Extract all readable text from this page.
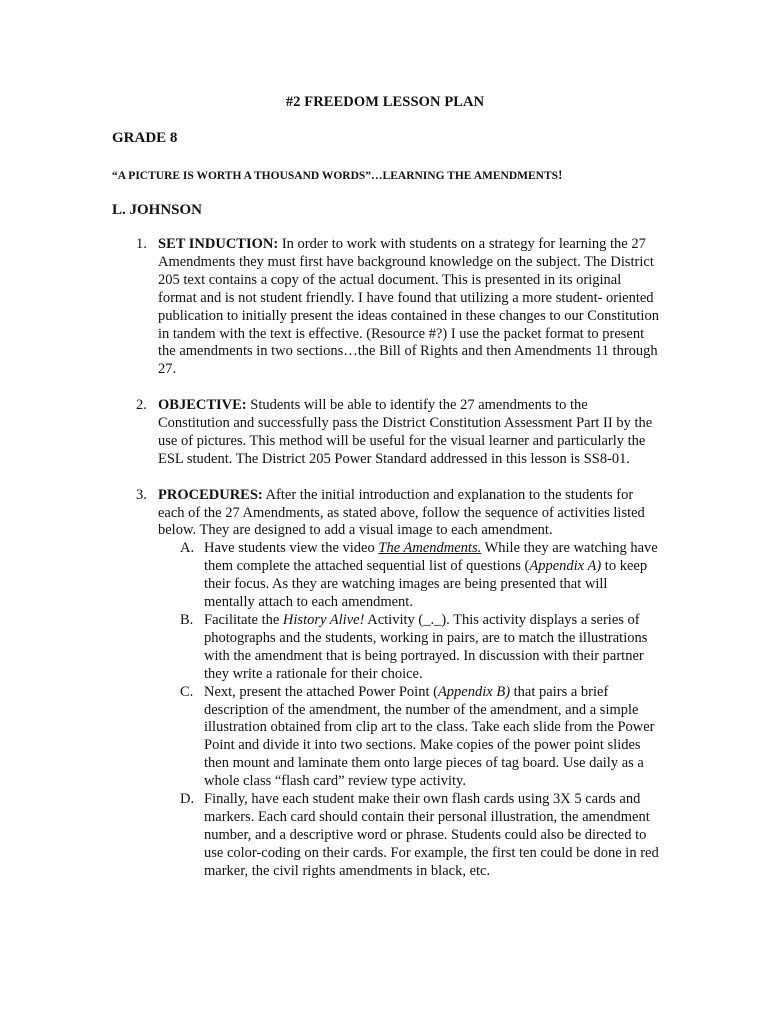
#2 FREEDOM LESSON PLAN
GRADE 8
“A PICTURE IS WORTH A THOUSAND WORDS”…LEARNING THE AMENDMENTS!
L. JOHNSON
1. SET INDUCTION: In order to work with students on a strategy for learning the 27 Amendments they must first have background knowledge on the subject. The District 205 text contains a copy of the actual document. This is presented in its original format and is not student friendly. I have found that utilizing a more student- oriented publication to initially present the ideas contained in these changes to our Constitution in tandem with the text is effective. (Resource #?) I use the packet format to present the amendments in two sections…the Bill of Rights and then Amendments 11 through 27.
2. OBJECTIVE: Students will be able to identify the 27 amendments to the Constitution and successfully pass the District Constitution Assessment Part II by the use of pictures. This method will be useful for the visual learner and particularly the ESL student. The District 205 Power Standard addressed in this lesson is SS8-01.
3. PROCEDURES: After the initial introduction and explanation to the students for each of the 27 Amendments, as stated above, follow the sequence of activities listed below. They are designed to add a visual image to each amendment.
A. Have students view the video The Amendments. While they are watching have them complete the attached sequential list of questions (Appendix A) to keep their focus. As they are watching images are being presented that will mentally attach to each amendment.
B. Facilitate the History Alive! Activity (_._). This activity displays a series of photographs and the students, working in pairs, are to match the illustrations with the amendment that is being portrayed. In discussion with their partner they write a rationale for their choice.
C. Next, present the attached Power Point (Appendix B) that pairs a brief description of the amendment, the number of the amendment, and a simple illustration obtained from clip art to the class. Take each slide from the Power Point and divide it into two sections. Make copies of the power point slides then mount and laminate them onto large pieces of tag board. Use daily as a whole class “flash card” review type activity.
D. Finally, have each student make their own flash cards using 3X 5 cards and markers. Each card should contain their personal illustration, the amendment number, and a descriptive word or phrase. Students could also be directed to use color-coding on their cards. For example, the first ten could be done in red marker, the civil rights amendments in black, etc.
